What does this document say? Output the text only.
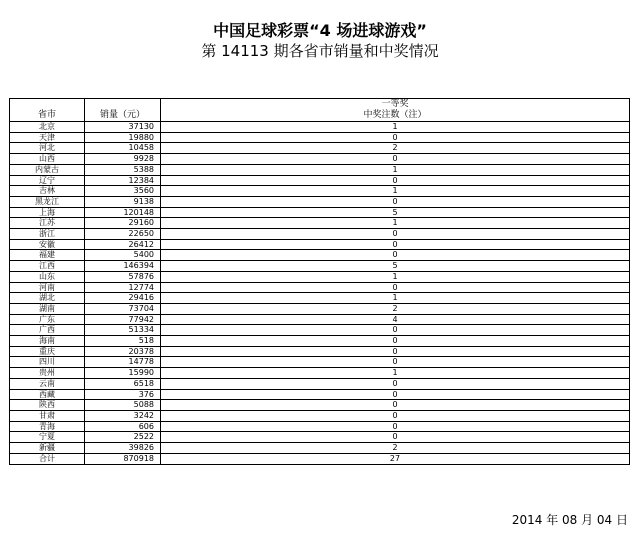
中国足球彩票“4 场进球游戏”
第 14113 期各省市销量和中奖情况
省市	销量（元）	一等奖
中奖注数（注）

北京	37130	1
天津	19880	0
河北	10458	2
山西	9928	0
内蒙古	5388	1
辽宁	12384	0
吉林	3560	1
黑龙江	9138	0
上海	120148	5
江苏	29160	1
浙江	22650	0
安徽	26412	0
福建	5400	0
江西	146394	5
山东	57876	1
河南	12774	0
湖北	29416	1
湖南	73704	2
广东	77942	4
广西	51334	0
海南	518	0
重庆	20378	0
四川	14778	0
贵州	15990	1
云南	6518	0
西藏	376	0
陕西	5088	0
甘肃	3242	0
青海	606	0
宁夏	2522	0
新疆	39826	2
合计	870918	27
2014 年 08 月 04 日
